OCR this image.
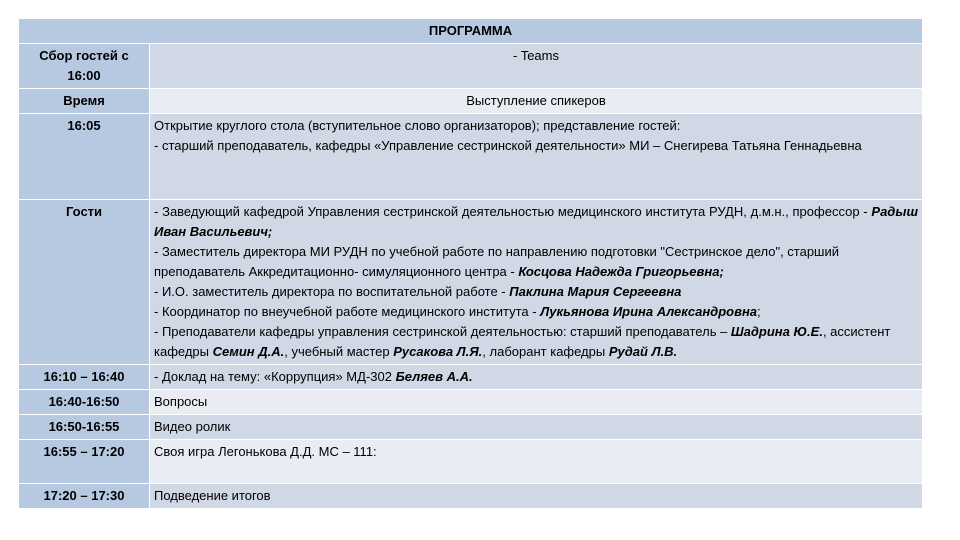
ПРОГРАММА	
Сбор гостей с 16:00	- Teams
Время	Выступление спикеров
16:05	Открытие круглого стола (вступительное слово организаторов); представление гостей:

- старший преподаватель, кафедры «Управление сестринской деятельности» МИ – Снегирева Татьяна Геннадьевна

Гости	- Заведующий кафедрой Управления сестринской деятельностью медицинского института РУДН, д.м.н., профессор - Радыш Иван Васильевич;

- Заместитель директора МИ РУДН по учебной работе по направлению подготовки "Сестринское дело", старший преподаватель Аккредитационно- симуляционного центра - Косцова Надежда Григорьевна;

- И.О. заместитель директора по воспитательной работе - Паклина Мария Сергеевна

- Координатор по внеучебной работе медицинского института - Лукьянова Ирина Александровна;

- Преподаватели кафедры управления сестринской деятельностью: старший преподаватель – Шадрина Ю.Е., ассистент кафедры Семин Д.А., учебный мастер Русакова Л.Я., лаборант кафедры Рудай Л.В.

16:10 – 16:40	- Доклад на тему: «Коррупция» МД-302 Беляев А.А.
16:40-16:50	Вопросы
16:50-16:55	Видео ролик
16:55 – 17:20	Своя игра Легонькова Д.Д. МС – 111:
17:20 – 17:30	Подведение итогов
